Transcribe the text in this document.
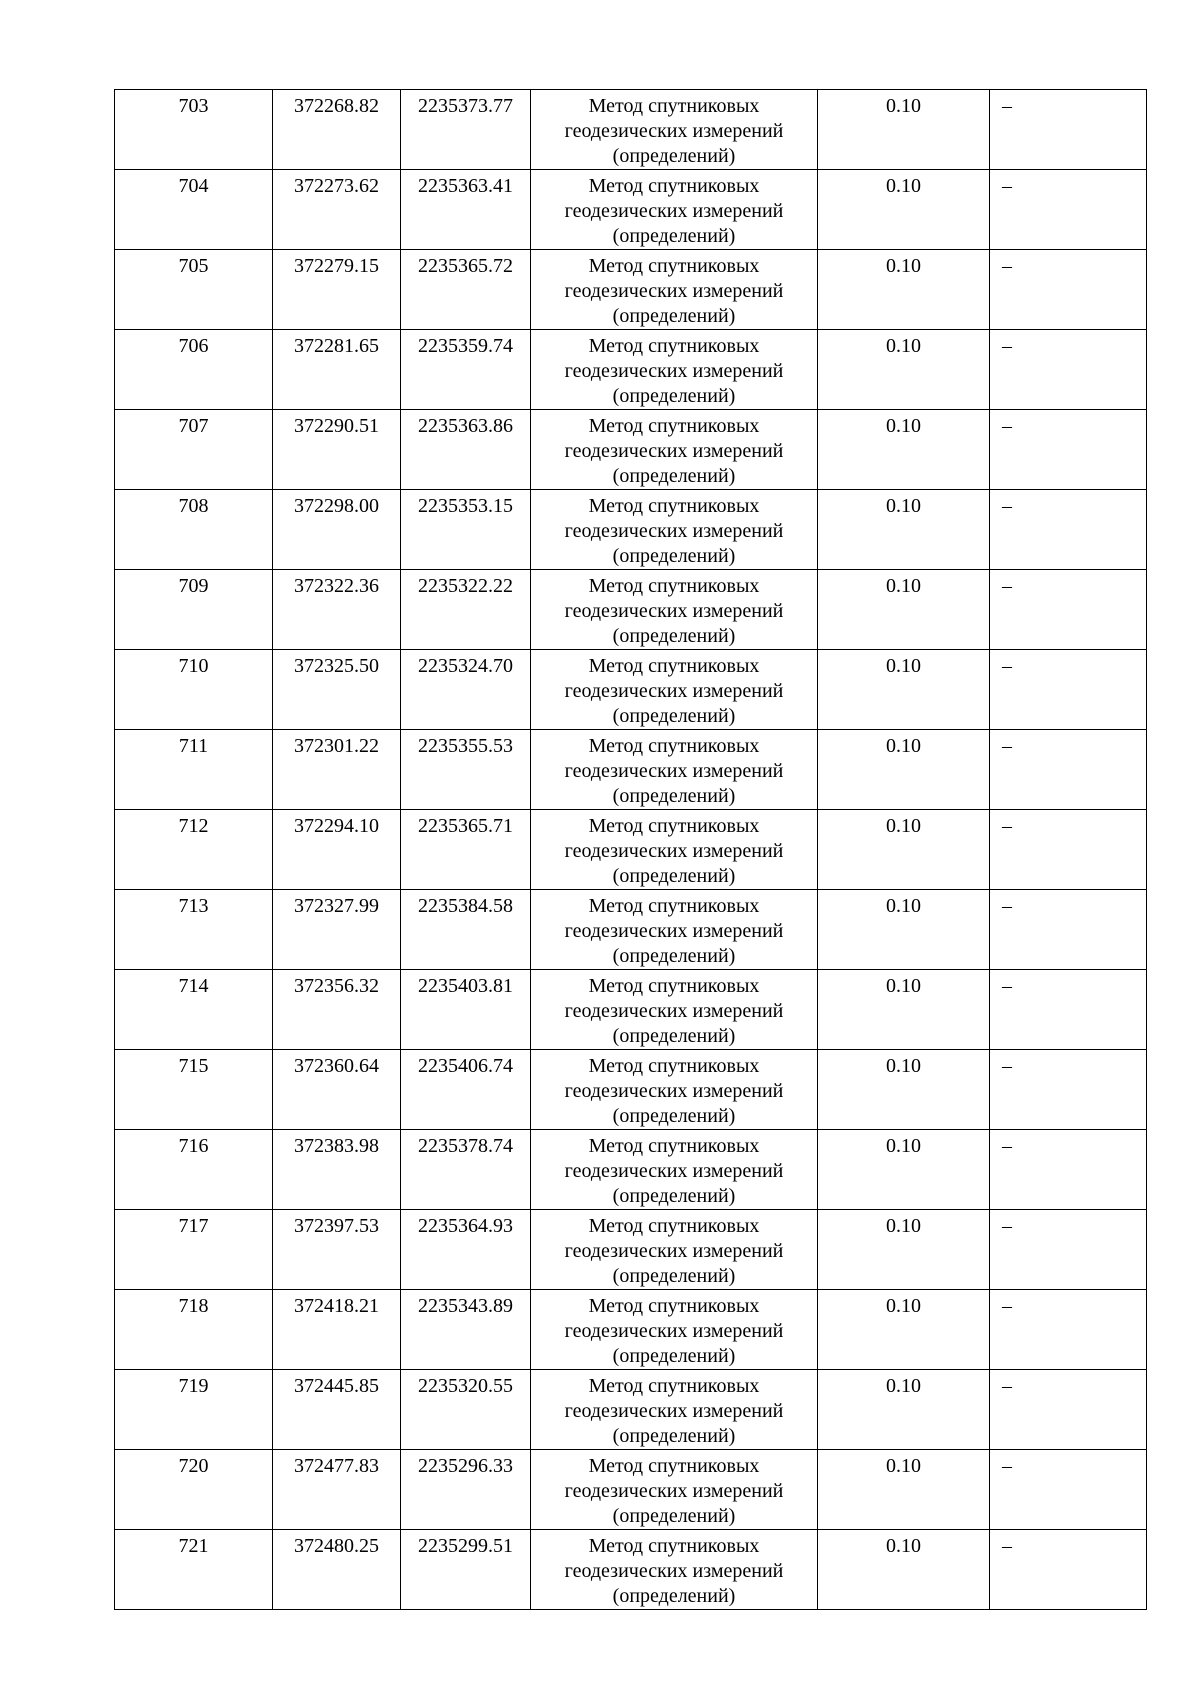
703	372268.82	2235373.77	Метод спутниковых геодезических измерений (определений)	0.10	–
704	372273.62	2235363.41	Метод спутниковых геодезических измерений (определений)	0.10	–
705	372279.15	2235365.72	Метод спутниковых геодезических измерений (определений)	0.10	–
706	372281.65	2235359.74	Метод спутниковых геодезических измерений (определений)	0.10	–
707	372290.51	2235363.86	Метод спутниковых геодезических измерений (определений)	0.10	–
708	372298.00	2235353.15	Метод спутниковых геодезических измерений (определений)	0.10	–
709	372322.36	2235322.22	Метод спутниковых геодезических измерений (определений)	0.10	–
710	372325.50	2235324.70	Метод спутниковых геодезических измерений (определений)	0.10	–
711	372301.22	2235355.53	Метод спутниковых геодезических измерений (определений)	0.10	–
712	372294.10	2235365.71	Метод спутниковых геодезических измерений (определений)	0.10	–
713	372327.99	2235384.58	Метод спутниковых геодезических измерений (определений)	0.10	–
714	372356.32	2235403.81	Метод спутниковых геодезических измерений (определений)	0.10	–
715	372360.64	2235406.74	Метод спутниковых геодезических измерений (определений)	0.10	–
716	372383.98	2235378.74	Метод спутниковых геодезических измерений (определений)	0.10	–
717	372397.53	2235364.93	Метод спутниковых геодезических измерений (определений)	0.10	–
718	372418.21	2235343.89	Метод спутниковых геодезических измерений (определений)	0.10	–
719	372445.85	2235320.55	Метод спутниковых геодезических измерений (определений)	0.10	–
720	372477.83	2235296.33	Метод спутниковых геодезических измерений (определений)	0.10	–
721	372480.25	2235299.51	Метод спутниковых геодезических измерений (определений)	0.10	–
